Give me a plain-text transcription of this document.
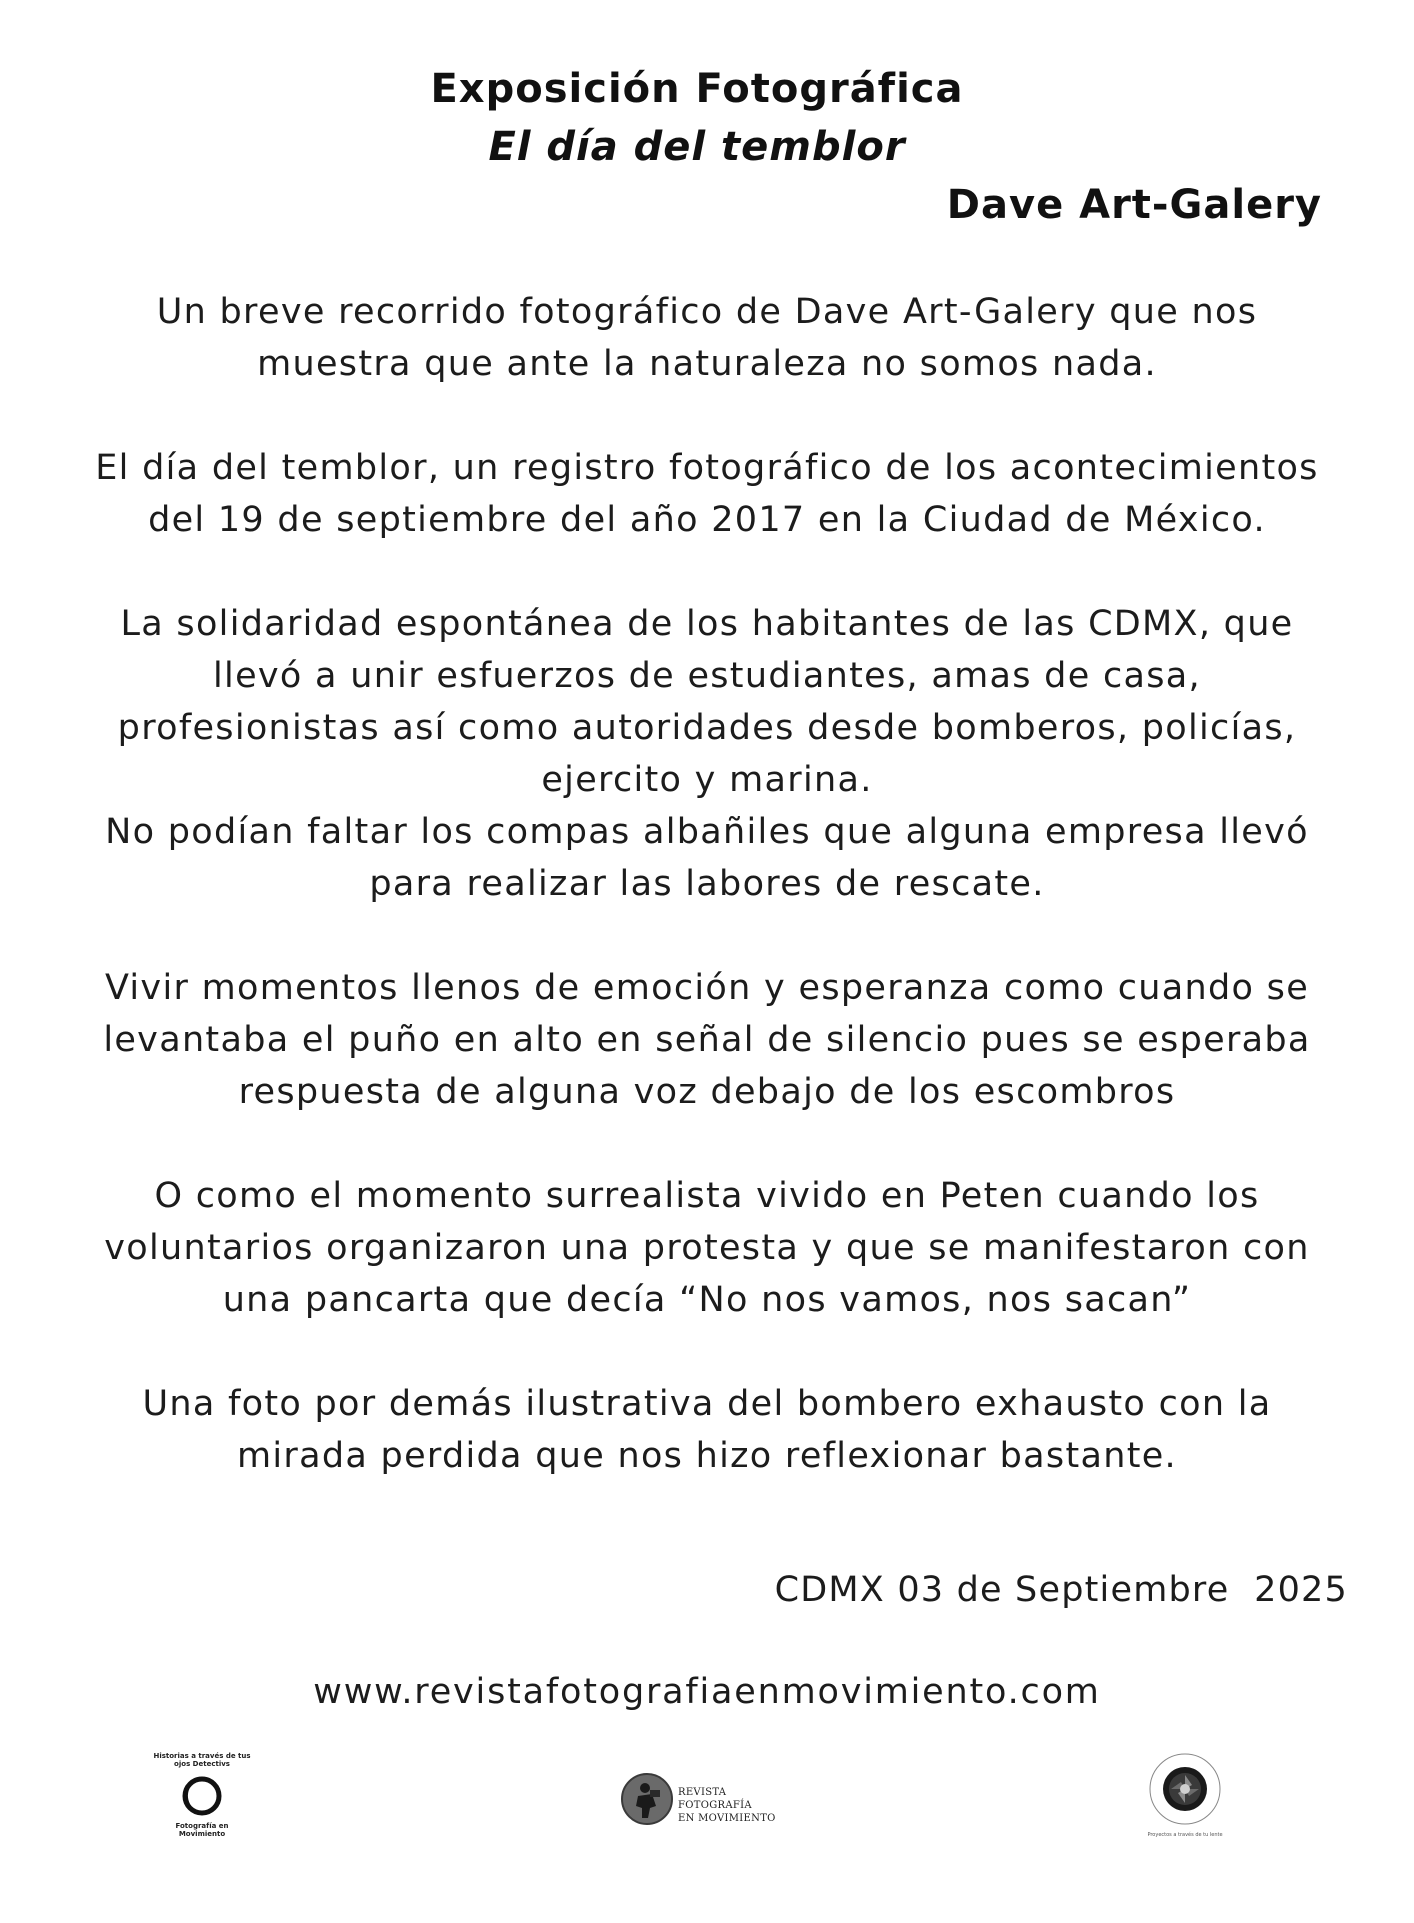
Exposición Fotográfica
El día del temblor
Dave Art-Galery

Un breve recorrido fotográfico de Dave Art-Galery que nos
muestra que ante la naturaleza no somos nada.

El día del temblor, un registro fotográfico de los acontecimientos
del 19 de septiembre del año 2017 en la Ciudad de México.

La solidaridad espontánea de los habitantes de las CDMX, que
llevó a unir esfuerzos de estudiantes, amas de casa,
profesionistas así como autoridades desde bomberos, policías,
ejercito y marina.
No podían faltar los compas albañiles que alguna empresa llevó
para realizar las labores de rescate.

Vivir momentos llenos de emoción y esperanza como cuando se
levantaba el puño en alto en señal de silencio pues se esperaba
respuesta de alguna voz debajo de los escombros

O como el momento surrealista vivido en Peten cuando los
voluntarios organizaron una protesta y que se manifestaron con
una pancarta que decía “No nos vamos, nos sacan”

Una foto por demás ilustrativa del bombero exhausto con la
mirada perdida que nos hizo reflexionar bastante.

CDMX 03 de Septiembre  2025
www.revistafotografiaenmovimiento.com
Historias a través de tus ojos Detectivs
Fotografía en Movimiento
REVISTA FOTOGRAFÍA
EN MOVIMIENTO
Proyectos a través de tu lente
